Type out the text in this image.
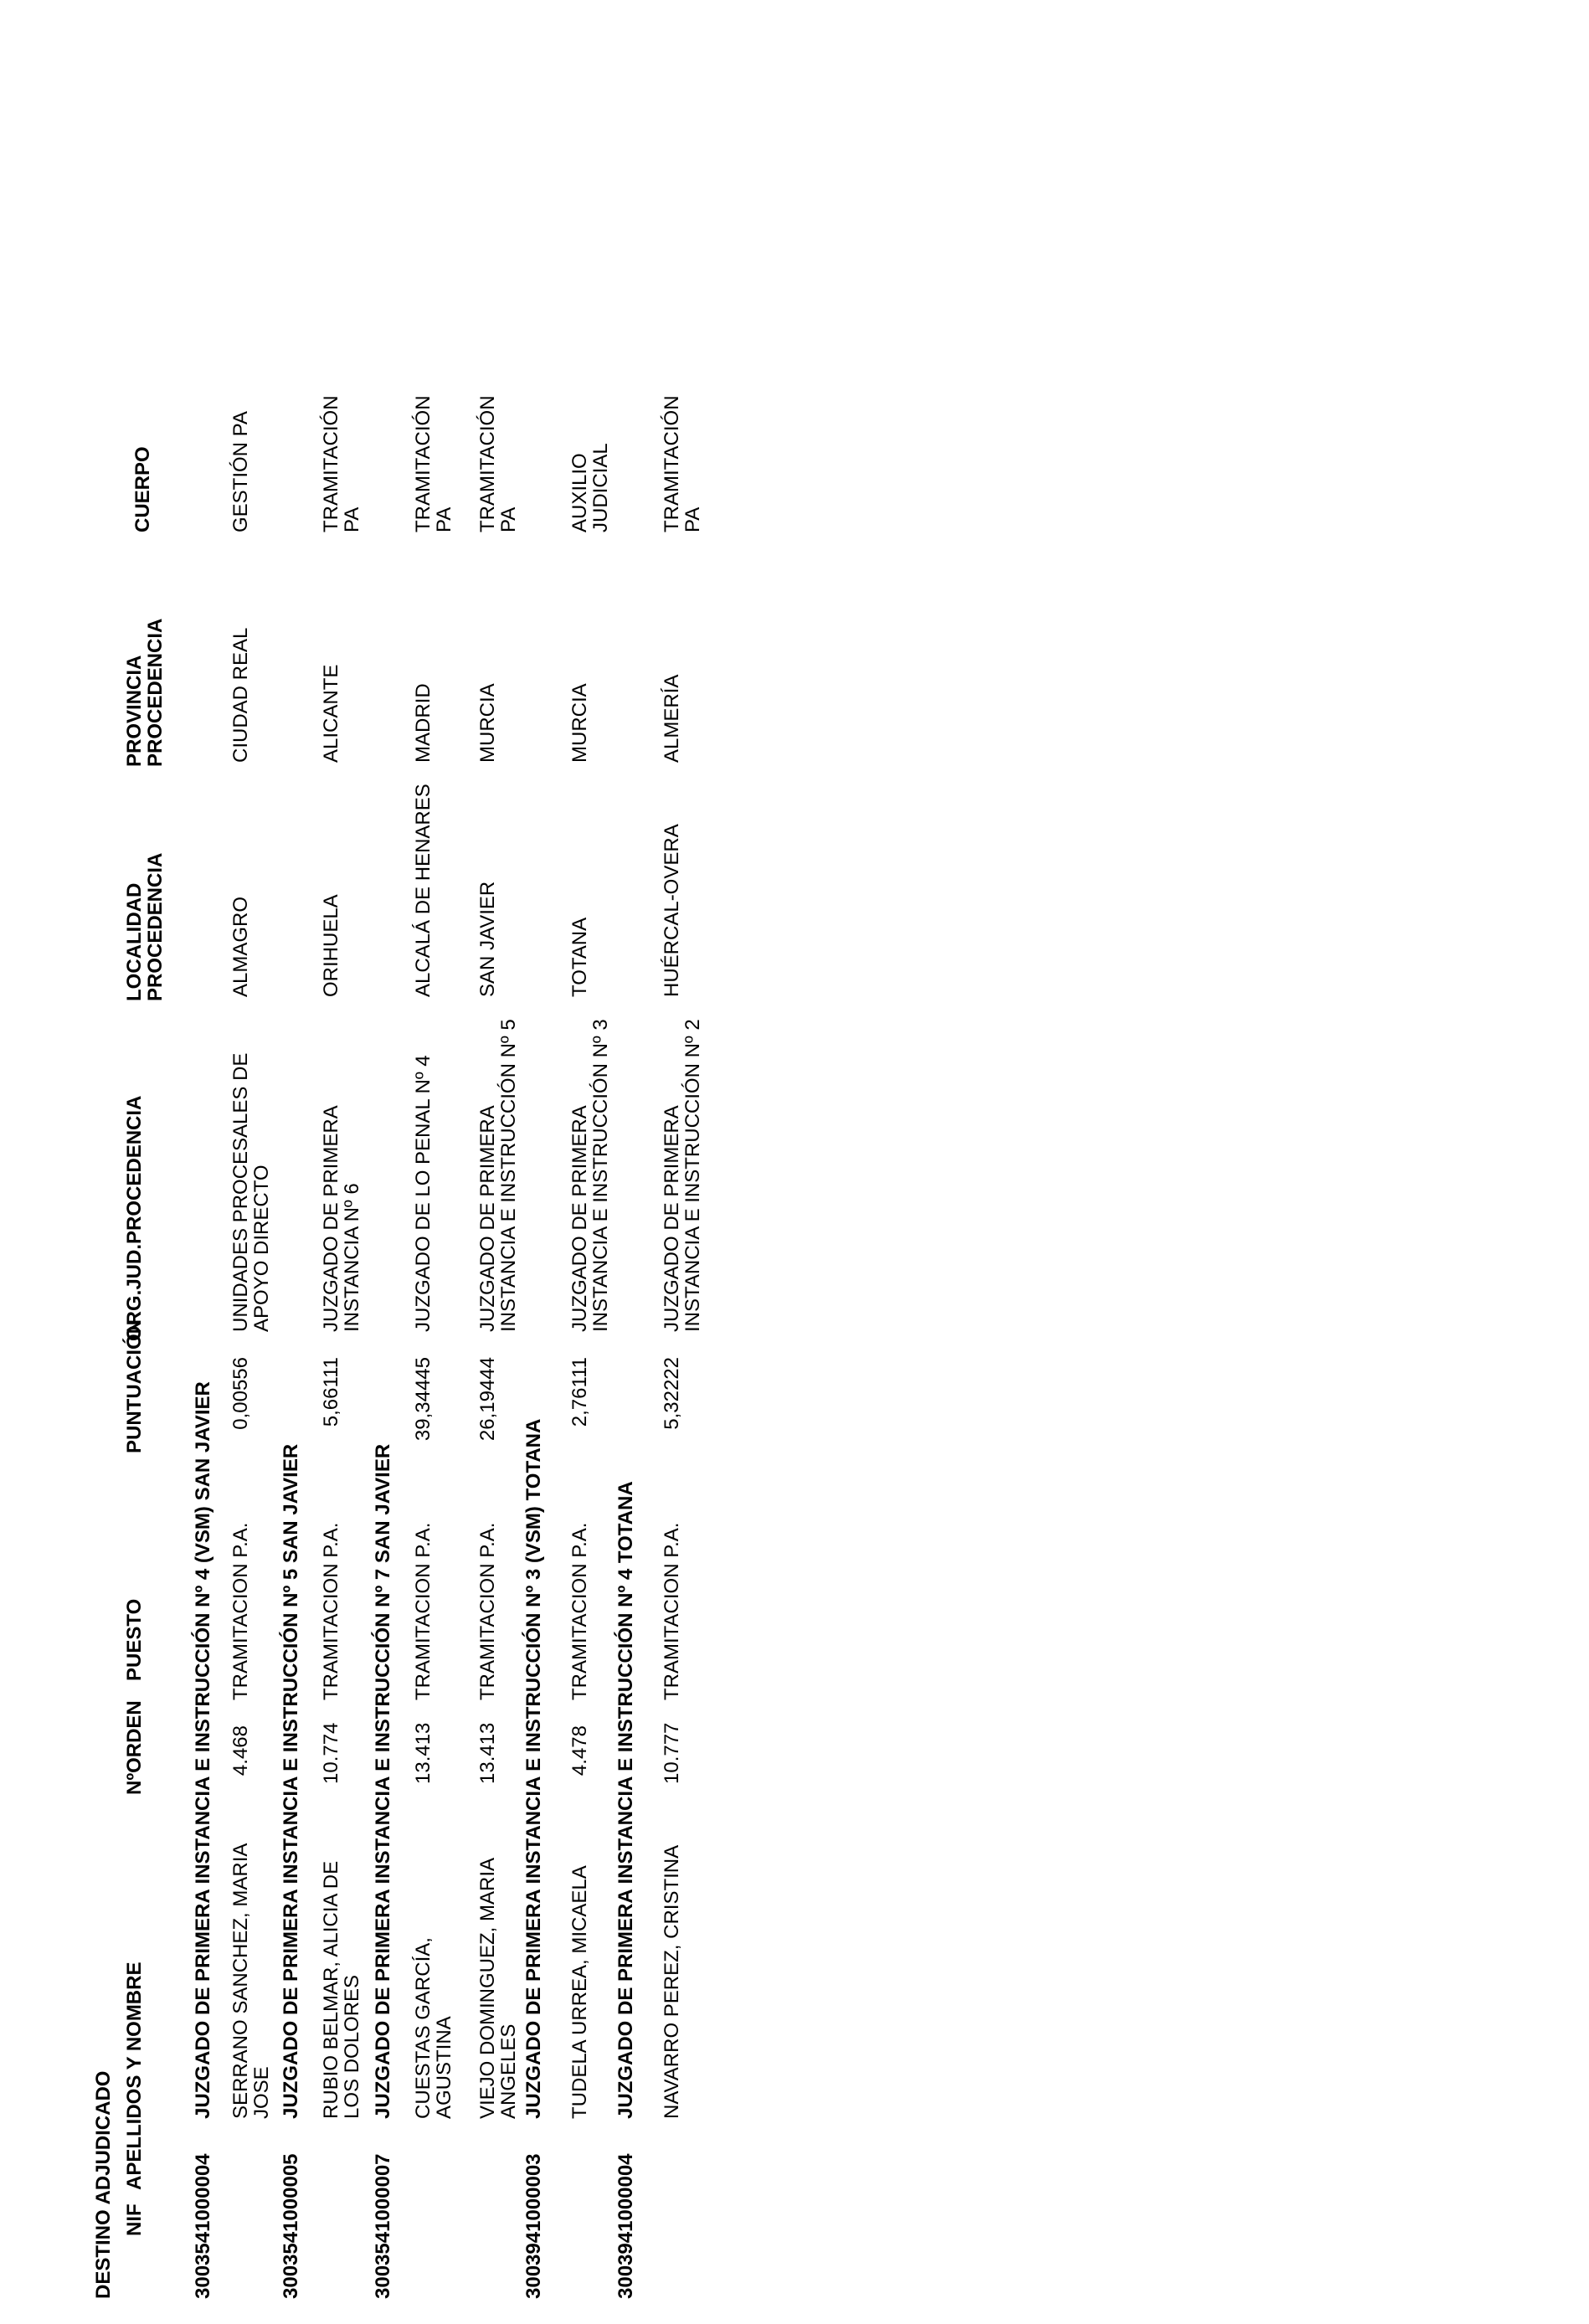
DESTINO ADJUDICADO NIF
APELLIDOS Y NOMBRE
NºORDEN
PUESTO
PUNTUACIÓN
ORG.JUD.PROCEDENCIA
LOCALIDAD PROCEDENCIA
PROVINCIA PROCEDENCIA
CUERPO
3003541000004
JUZGADO DE PRIMERA INSTANCIA E INSTRUCCIÓN Nº 4 (VSM) SAN JAVIER SERRANO SANCHEZ, MARIA JOSE
4.468
TRAMITACION P.A.
0,00556
UNIDADES PROCESALES DE APOYO DIRECTO
ALMAGRO
CIUDAD REAL
GESTIÓN PA
3003541000005
JUZGADO DE PRIMERA INSTANCIA E INSTRUCCIÓN Nº 5 SAN JAVIER RUBIO BELMAR, ALICIA DE LOS DOLORES
10.774
TRAMITACION P.A.
5,66111
JUZGADO DE PRIMERA INSTANCIA Nº 6
ORIHUELA
ALICANTE
TRAMITACIÓN PA
3003541000007
JUZGADO DE PRIMERA INSTANCIA E INSTRUCCIÓN Nº 7 SAN JAVIER CUESTAS GARCÍA, AGUSTINA
13.413
TRAMITACION P.A.
39,34445
JUZGADO DE LO PENAL Nº 4
ALCALÁ DE HENARES
MADRID
TRAMITACIÓN PA
VIEJO DOMINGUEZ, MARIA ANGELES
13.413
TRAMITACION P.A.
26,19444
JUZGADO DE PRIMERA INSTANCIA E INSTRUCCIÓN Nº 5
SAN JAVIER
MURCIA
TRAMITACIÓN PA
3003941000003
JUZGADO DE PRIMERA INSTANCIA E INSTRUCCIÓN Nº 3 (VSM) TOTANA TUDELA URREA, MICAELA
4.478
TRAMITACION P.A.
2,76111
JUZGADO DE PRIMERA INSTANCIA E INSTRUCCIÓN Nº 3
TOTANA
MURCIA
AUXILIO JUDICIAL
3003941000004
JUZGADO DE PRIMERA INSTANCIA E INSTRUCCIÓN Nº 4 TOTANA NAVARRO PEREZ, CRISTINA
10.777
TRAMITACION P.A.
5,32222
JUZGADO DE PRIMERA INSTANCIA E INSTRUCCIÓN Nº 2
HUÉRCAL-OVERA
ALMERÍA
TRAMITACIÓN PA
